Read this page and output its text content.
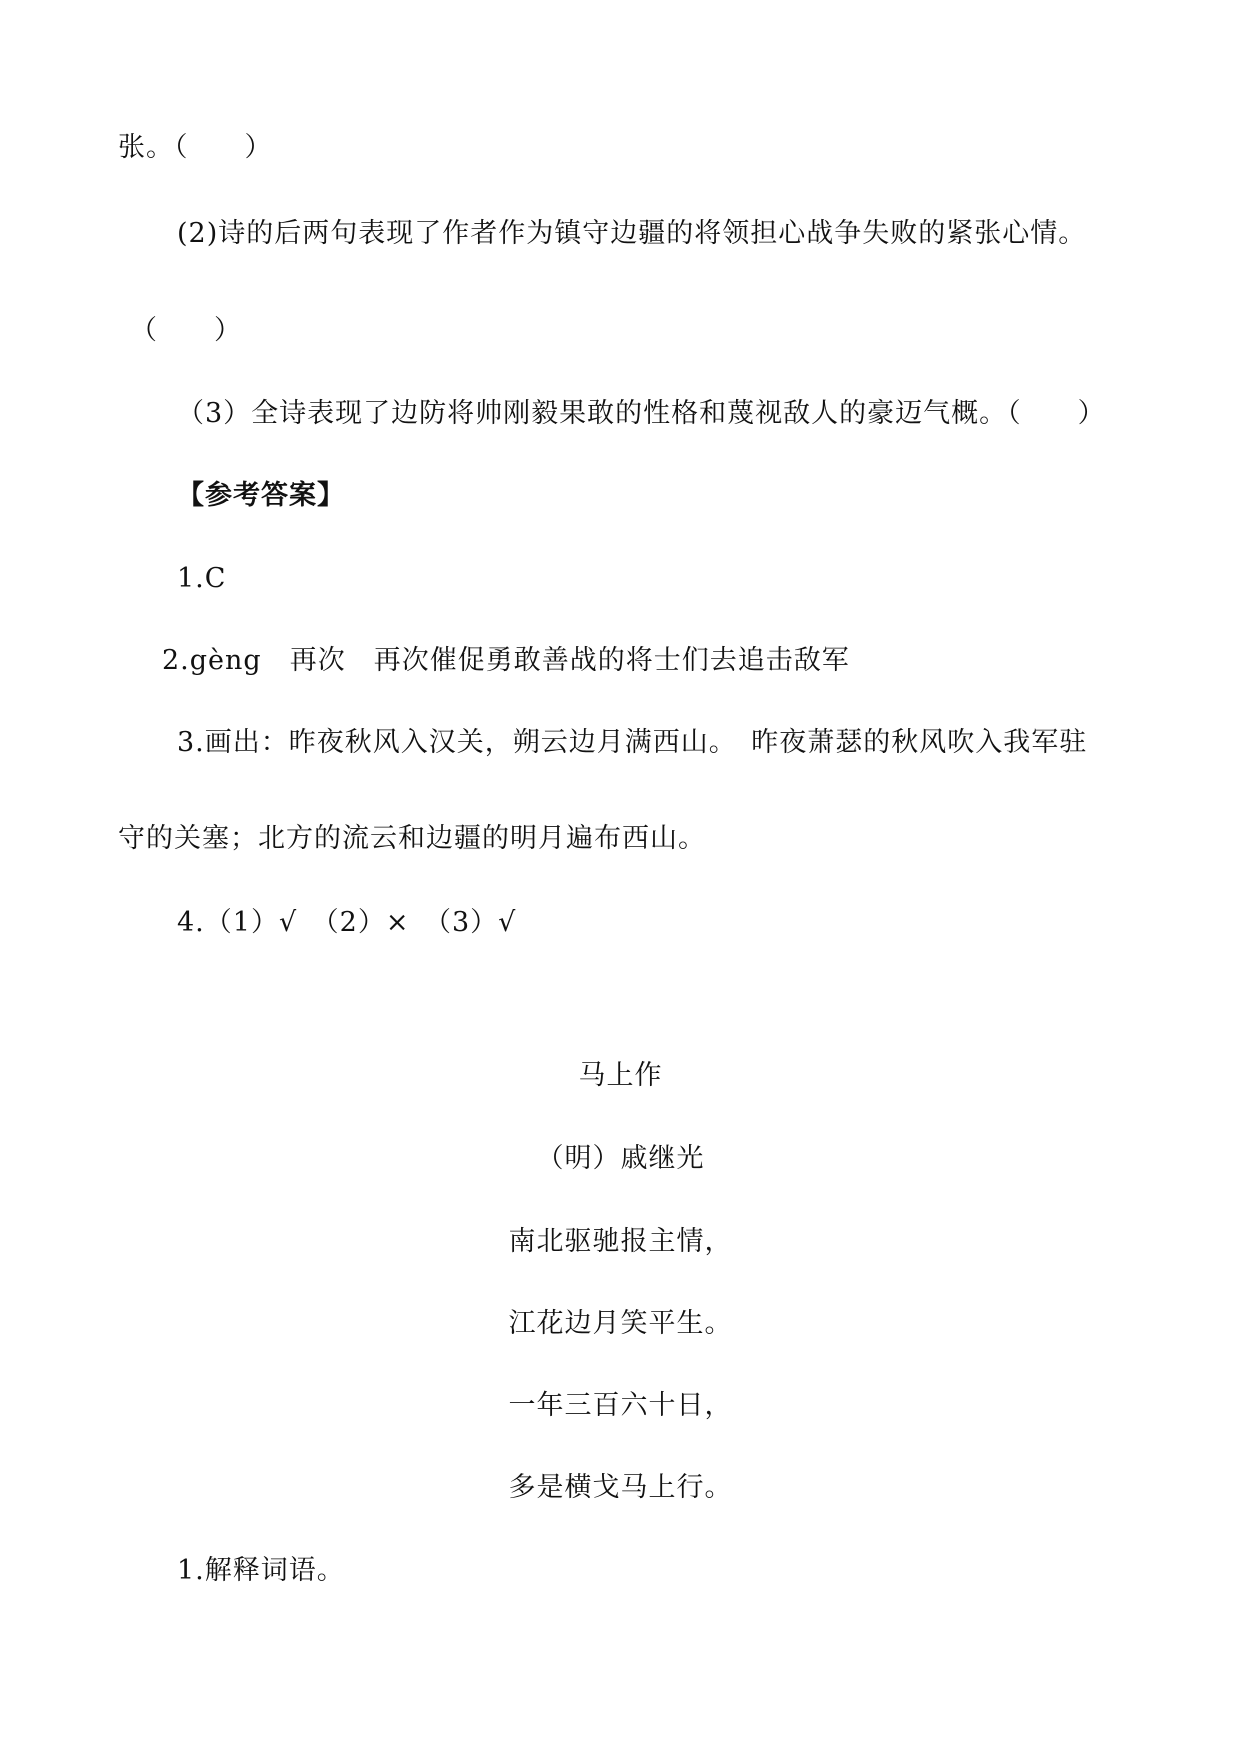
张。（　　）
(2)诗的后两句表现了作者作为镇守边疆的将领担心战争失败的紧张心情。
（　　）
（3）全诗表现了边防将帅刚毅果敢的性格和蔑视敌人的豪迈气概。（　　）
【参考答案】
1.C
2.gèng　再次　再次催促勇敢善战的将士们去追击敌军
3.画出：昨夜秋风入汉关，朔云边月满西山。　昨夜萧瑟的秋风吹入我军驻
守的关塞；北方的流云和边疆的明月遍布西山。
4.（1）√　（2）×　（3）√
马上作
（明）戚继光
南北驱驰报主情，
江花边月笑平生。
一年三百六十日，
多是横戈马上行。
1.解释词语。
